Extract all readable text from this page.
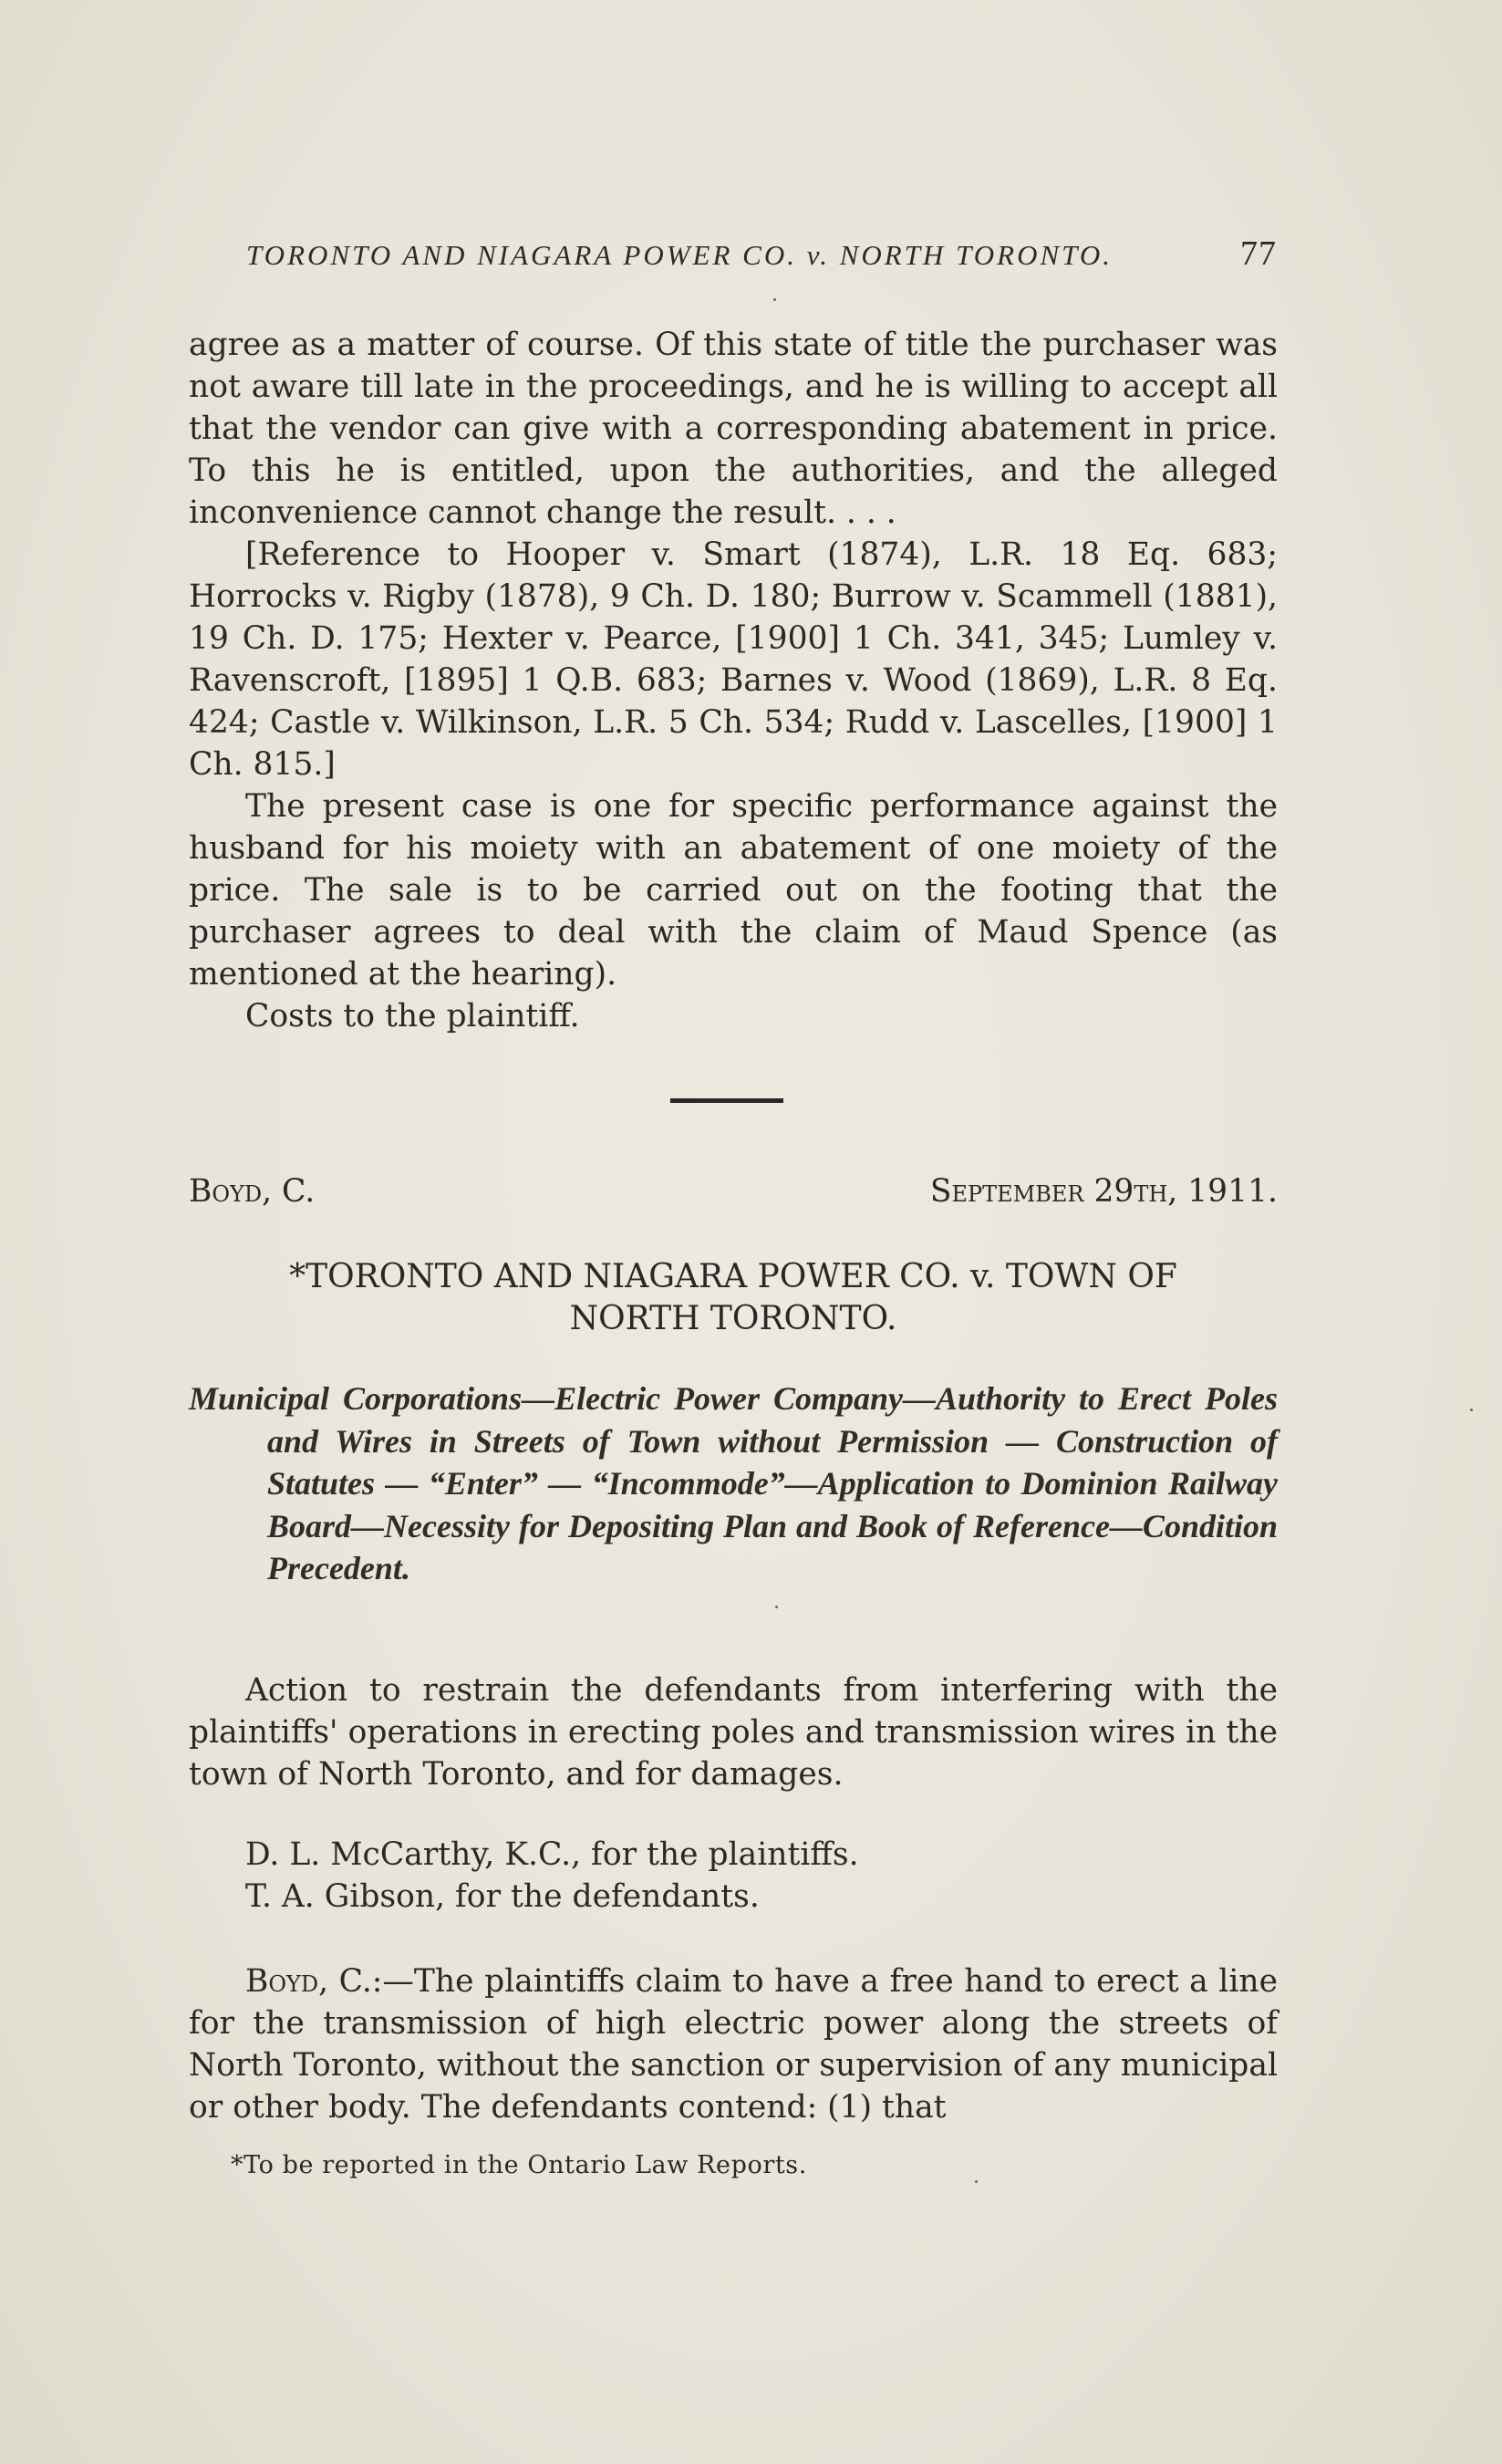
TORONTO AND NIAGARA POWER CO. v. NORTH TORONTO.	77

agree as a matter of course. Of this state of title the purchaser was not aware till late in the proceedings, and he is willing to accept all that the vendor can give with a corresponding abatement in price. To this he is entitled, upon the authorities, and the alleged inconvenience cannot change the result. . . .

[Reference to Hooper v. Smart (1874), L.R. 18 Eq. 683; Horrocks v. Rigby (1878), 9 Ch. D. 180; Burrow v. Scammell (1881), 19 Ch. D. 175; Hexter v. Pearce, [1900] 1 Ch. 341, 345; Lumley v. Ravenscroft, [1895] 1 Q.B. 683; Barnes v. Wood (1869), L.R. 8 Eq. 424; Castle v. Wilkinson, L.R. 5 Ch. 534; Rudd v. Lascelles, [1900] 1 Ch. 815.]

The present case is one for specific performance against the husband for his moiety with an abatement of one moiety of the price. The sale is to be carried out on the footing that the purchaser agrees to deal with the claim of Maud Spence (as mentioned at the hearing).

Costs to the plaintiff.

Boyd, C.	September 29th, 1911.
*TORONTO AND NIAGARA POWER CO. v. TOWN OF
NORTH TORONTO.
Municipal Corporations—Electric Power Company—Authority to Erect Poles and Wires in Streets of Town without Permission — Construction of Statutes — “Enter” — “Incommode”—Application to Dominion Railway Board—Necessity for Depositing Plan and Book of Reference—Condition Precedent.

Action to restrain the defendants from interfering with the plaintiffs' operations in erecting poles and transmission wires in the town of North Toronto, and for damages.

D. L. McCarthy, K.C., for the plaintiffs.
T. A. Gibson, for the defendants.

Boyd, C.:—The plaintiffs claim to have a free hand to erect a line for the transmission of high electric power along the streets of North Toronto, without the sanction or supervision of any municipal or other body. The defendants contend: (1) that

*To be reported in the Ontario Law Reports.
